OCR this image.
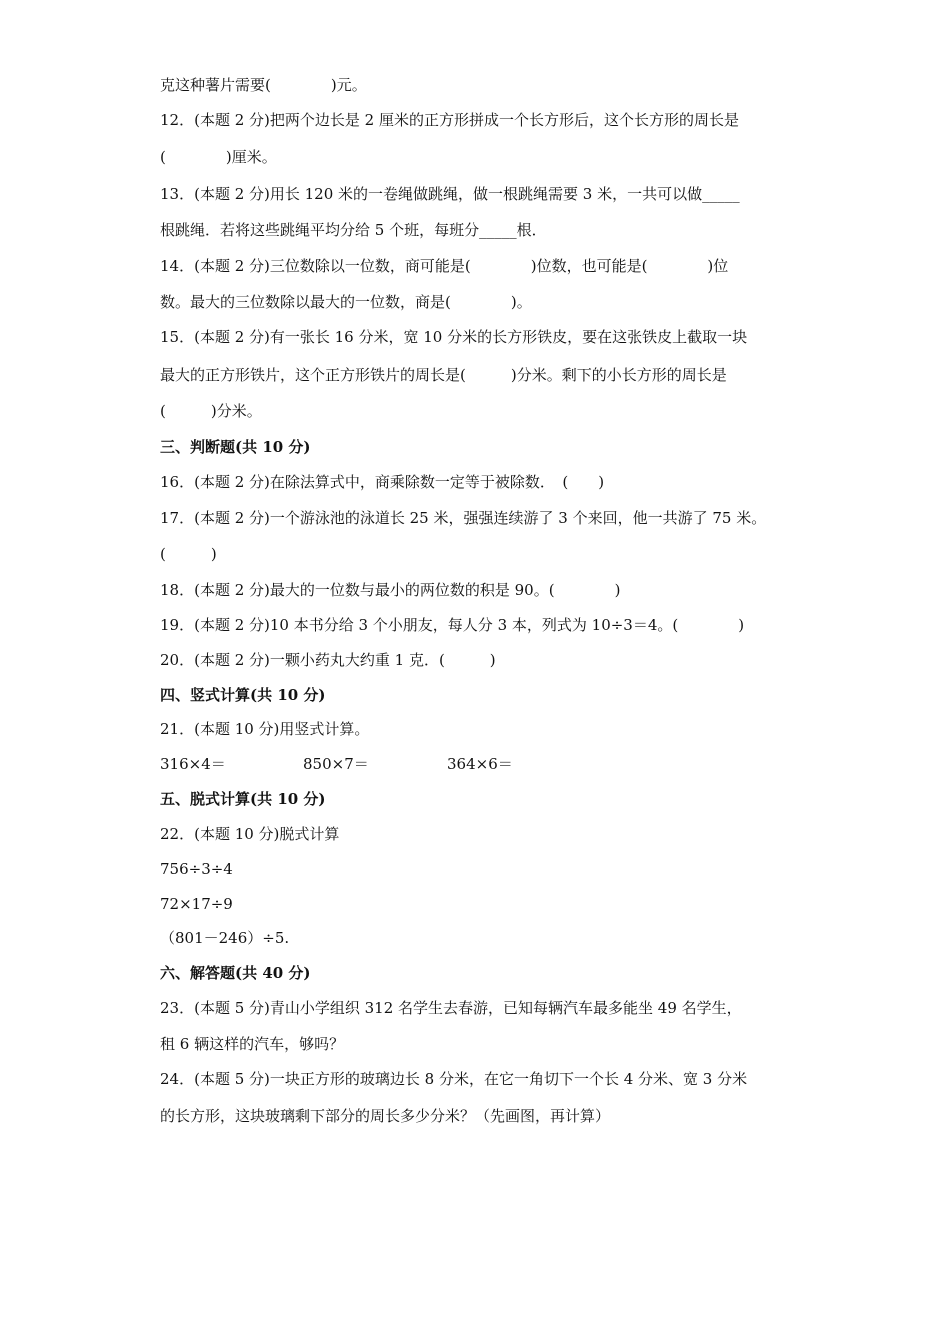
克这种薯片需要(　　　　)元。
12．(本题 2 分)把两个边长是 2 厘米的正方形拼成一个长方形后，这个长方形的周长是
(　　　　)厘米。
13．(本题 2 分)用长 120 米的一卷绳做跳绳，做一根跳绳需要 3 米，一共可以做_____
根跳绳．若将这些跳绳平均分给 5 个班，每班分_____根．
14．(本题 2 分)三位数除以一位数，商可能是(　　　　)位数，也可能是(　　　　)位
数。最大的三位数除以最大的一位数，商是(　　　　)。
15．(本题 2 分)有一张长 16 分米，宽 10 分米的长方形铁皮，要在这张铁皮上截取一块
最大的正方形铁片，这个正方形铁片的周长是(　　　)分米。剩下的小长方形的周长是
(　　　)分米。
三、判断题(共 10 分)
16．(本题 2 分)在除法算式中，商乘除数一定等于被除数．　(　　)
17．(本题 2 分)一个游泳池的泳道长 25 米，强强连续游了 3 个来回，他一共游了 75 米。
(　　　)
18．(本题 2 分)最大的一位数与最小的两位数的积是 90。(　　　　)
19．(本题 2 分)10 本书分给 3 个小朋友，每人分 3 本，列式为 10÷3＝4。(　　　　)
20．(本题 2 分)一颗小药丸大约重 1 克．(　　　)
四、竖式计算(共 10 分)
21．(本题 10 分)用竖式计算。
316×4＝	850×7＝	364×6＝
五、脱式计算(共 10 分)
22．(本题 10 分)脱式计算
756÷3÷4
72×17÷9
（801－246）÷5.
六、解答题(共 40 分)
23．(本题 5 分)青山小学组织 312 名学生去春游，已知每辆汽车最多能坐 49 名学生，
租 6 辆这样的汽车，够吗？
24．(本题 5 分)一块正方形的玻璃边长 8 分米，在它一角切下一个长 4 分米、宽 3 分米
的长方形，这块玻璃剩下部分的周长多少分米？（先画图，再计算）
